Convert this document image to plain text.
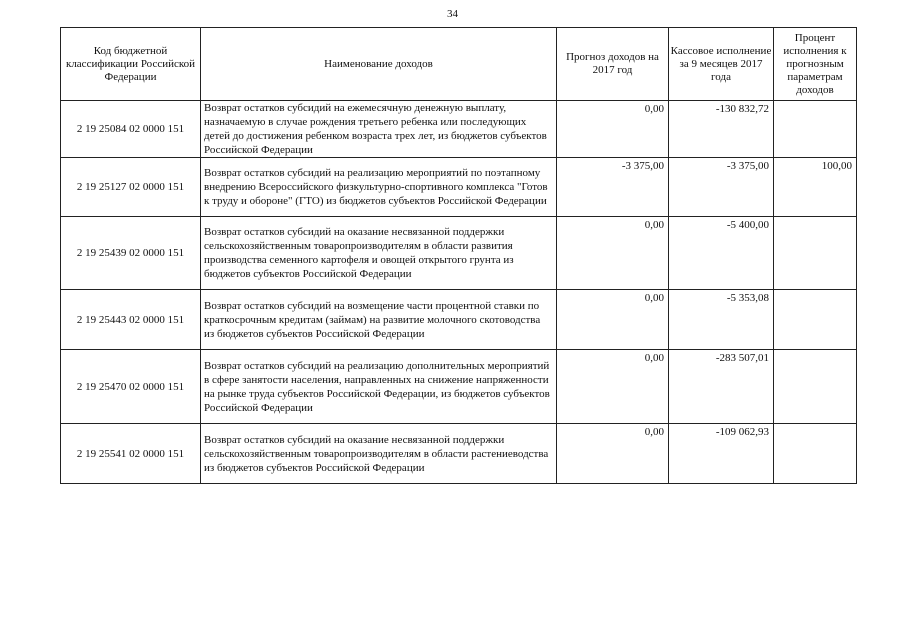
34
Код бюджетной классификации Российской Федерации	Наименование доходов	Прогноз доходов на 2017 год	Кассовое исполнение за 9 месяцев 2017 года	Процент исполнения к прогнозным параметрам доходов
2 19 25084 02 0000 151	Возврат остатков субсидий на ежемесячную денежную выплату, назначаемую в случае рождения третьего ребенка или последующих детей до достижения ребенком возраста трех лет, из бюджетов субъектов Российской Федерации	0,00	-130 832,72	
2 19 25127 02 0000 151	Возврат остатков субсидий на реализацию мероприятий по поэтапному внедрению Всероссийского физкультурно-спортивного комплекса "Готов к труду и обороне" (ГТО) из бюджетов субъектов Российской Федерации	-3 375,00	-3 375,00	100,00
2 19 25439 02 0000 151	Возврат остатков субсидий на оказание несвязанной поддержки сельскохозяйственным товаропроизводителям в области развития производства семенного картофеля и овощей открытого грунта из бюджетов субъектов Российской Федерации	0,00	-5 400,00	
2 19 25443 02 0000 151	Возврат остатков субсидий на возмещение части процентной ставки по краткосрочным кредитам (займам) на развитие молочного скотоводства из бюджетов субъектов Российской Федерации	0,00	-5 353,08	
2 19 25470 02 0000 151	Возврат остатков субсидий на реализацию дополнительных мероприятий в сфере занятости населения, направленных на снижение напряженности на рынке труда субъектов Российской Федерации, из бюджетов субъектов Российской Федерации	0,00	-283 507,01	
2 19 25541 02 0000 151	Возврат остатков субсидий на оказание несвязанной поддержки сельскохозяйственным товаропроизводителям в области растениеводства из бюджетов субъектов Российской Федерации	0,00	-109 062,93	
